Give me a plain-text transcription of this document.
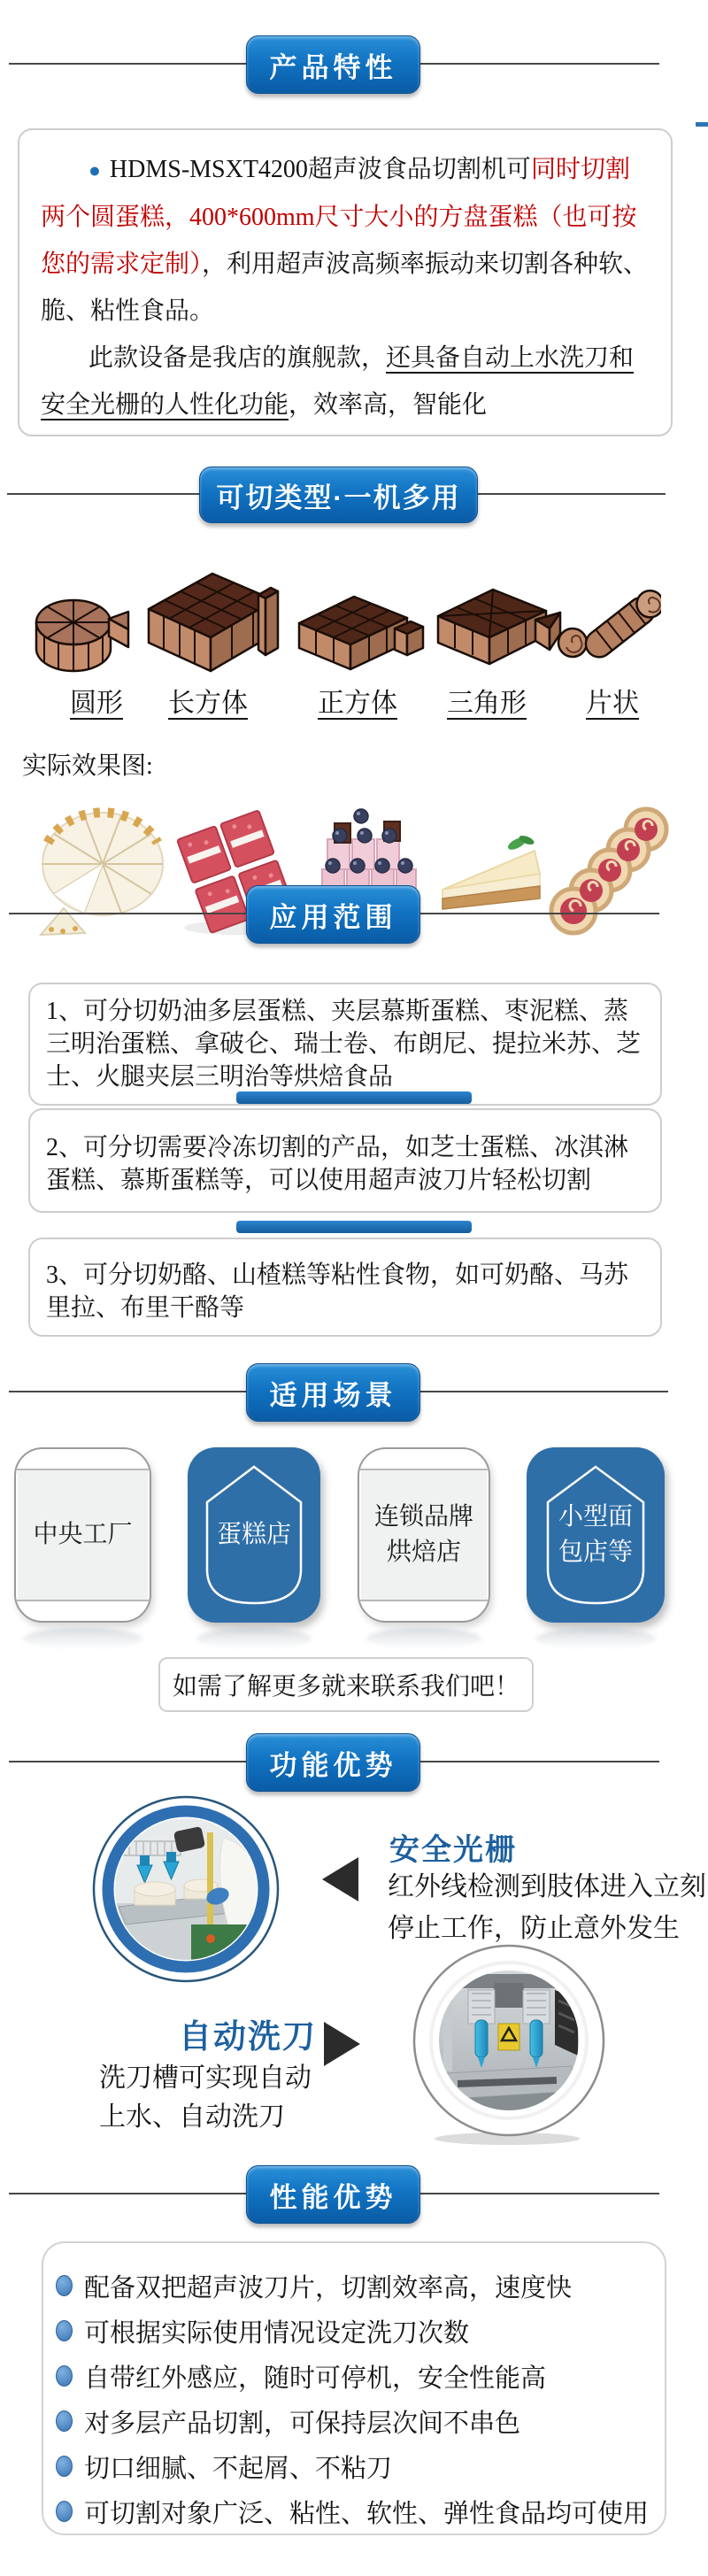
产品特性

● HDMS-MSXT4200超声波食品切割机可同时切割两个圆蛋糕，400*600mm尺寸大小的方盘蛋糕（也可按您的需求定制），利用超声波高频率振动来切割各种软、脆、粘性食品。

此款设备是我店的旗舰款，还具备自动上水洗刀和安全光栅的人性化功能，效率高，智能化

可切类型·一机多用
圆形 长方体	正方体 三角形 片状
实际效果图:
应用范围
1、可分切奶油多层蛋糕、夹层慕斯蛋糕、枣泥糕、蒸三明治蛋糕、拿破仑、瑞士卷、布朗尼、提拉米苏、芝士、火腿夹层三明治等烘焙食品
2、可分切需要冷冻切割的产品，如芝士蛋糕、冰淇淋蛋糕、慕斯蛋糕等，可以使用超声波刀片轻松切割
3、可分切奶酪、山楂糕等粘性食物，如可奶酪、马苏里拉、布里干酪等
适用场景
中央工厂	蛋糕店
连锁品牌烘焙店
小型面包店等
如需了解更多就来联系我们吧！
功能优势
安全光栅
红外线检测到肢体进入立刻停止工作，防止意外发生
自动洗刀
洗刀槽可实现自动上水、自动洗刀
性能优势
配备双把超声波刀片，切割效率高，速度快
可根据实际使用情况设定洗刀次数
自带红外感应，随时可停机，安全性能高
对多层产品切割，可保持层次间不串色
切口细腻、不起屑、不粘刀
可切割对象广泛、粘性、软性、弹性食品均可使用
